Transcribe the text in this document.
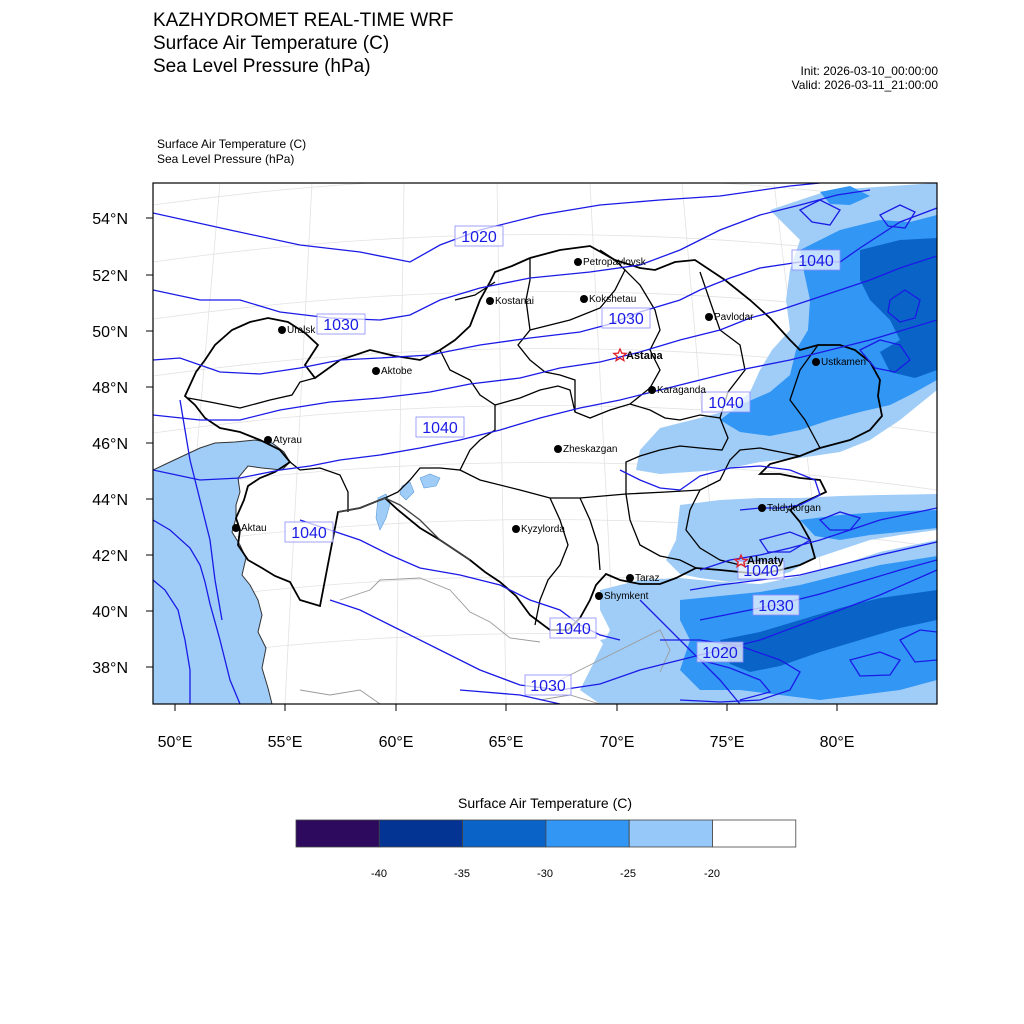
KAZHYDROMET REAL-TIME WRF
Surface Air Temperature (C)
Sea Level Pressure (hPa)	Init: 2026-03-10_00:00:00
Valid: 2026-03-11_21:00:00
Surface Air Temperature (C)
Sea Level Pressure (hPa)
1020
1040
1030	1030
1040
1040
1040
1040
1040
1030
1020
1030
Petropavlovsk
Kostanai	Kokshetau
Pavlodar
Uralsk
Astana
Ustkamen
Aktobe
Karaganda
Atyrau
Zheskazgan
Taldykorgan
Aktau	Kyzylorda
Almaty
Taraz
Shymkent
54°N
52°N
50°N
48°N
46°N
44°N
42°N
40°N
38°N
50°E	55°E	60°E	65°E	70°E	75°E	80°E
Surface Air Temperature (C)
-40	-35	-30	-25	-20
